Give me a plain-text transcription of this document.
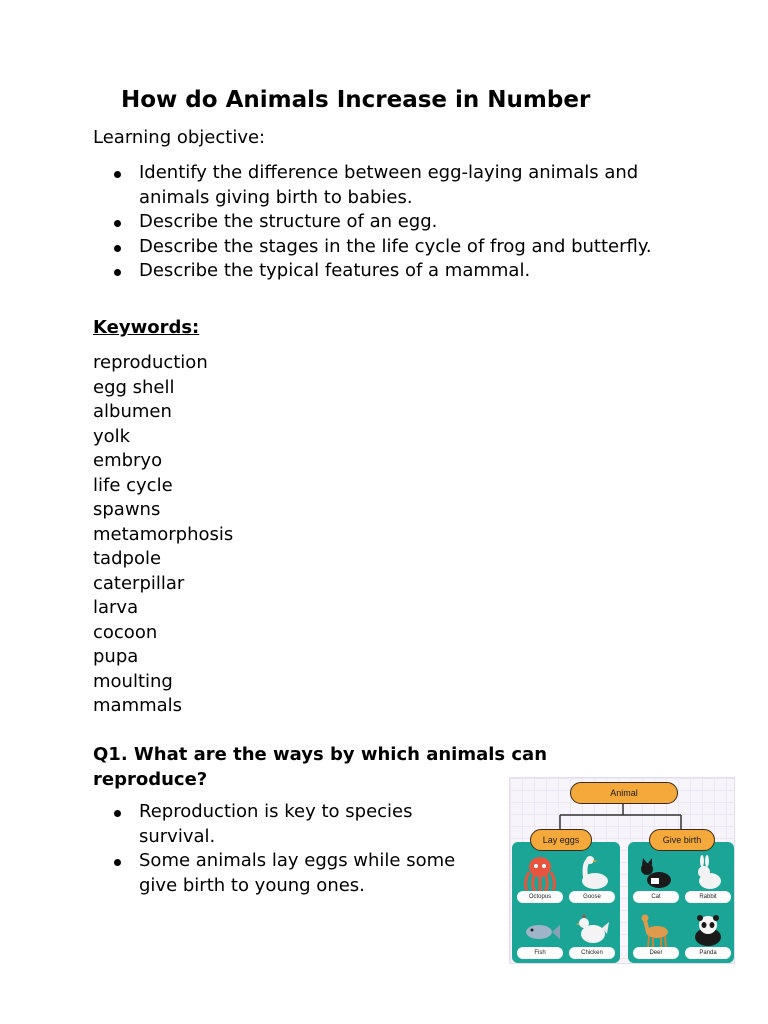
How do Animals Increase in Number
Learning objective:
Identify the difference between egg-laying animals and animals giving birth to babies.
Describe the structure of an egg.
Describe the stages in the life cycle of frog and butterfly.
Describe the typical features of a mammal.
Keywords:
reproduction
egg shell
albumen
yolk
embryo
life cycle
spawns
metamorphosis
tadpole
caterpillar
larva
cocoon
pupa
moulting
mammals
Q1. What are the ways by which animals can reproduce?
Reproduction is key to species survival.
Some animals lay eggs while some give birth to young ones.
Octopus	Goose
Fish	Chicken
Cat	Rabbit
Deer	Panda
Animal
Lay eggs	Give birth
